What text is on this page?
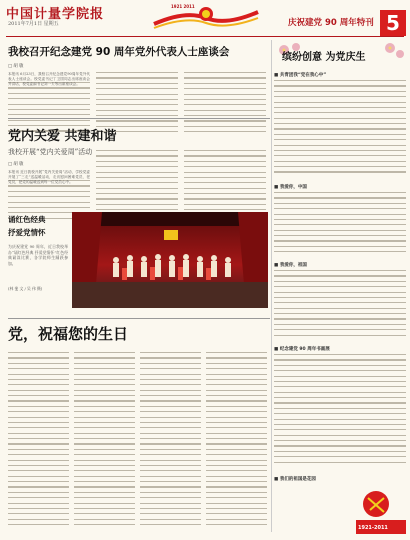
中国计量学院报
2011年7月1日 星期五
1921 2011
庆祝建党 90 周年特刊 5
我校召开纪念建党 90 周年党外代表人士座谈会
□ 胡 敏
本报讯 6月23日，我校召开纪念建党90周年党外代表人士座谈会。校党委书记丁卫国同志出席座谈会并讲话，校党委副书记刘一夫等出席座谈会。
党内关爱 共建和谐
我校开展“党内关爱周”活动
□ 胡 敏
本报讯 近日我校开展“党内关爱周”活动，学校党委开展了“三走”送温暖活动，走访慰问困难党员、老党员，把党的温暖送到每一位党员心中。
诵红色经典
抒爱党情怀
为庆祝建党 90 周年，近日我校举办“诵红色经典 抒爱党情怀”红色经典诵读比赛，各学院师生踊跃参加。
(林 斐 文 / 吴 伟 摄)
党，祝福您的生日
缤纷创意 为党庆生
■ 共青团我“党在我心中”
■ 我爱你，中国
■ 我爱你，祖国
■ 纪念建党 90 周年书画展
■ 我们的祖国是花园
1921-2011
